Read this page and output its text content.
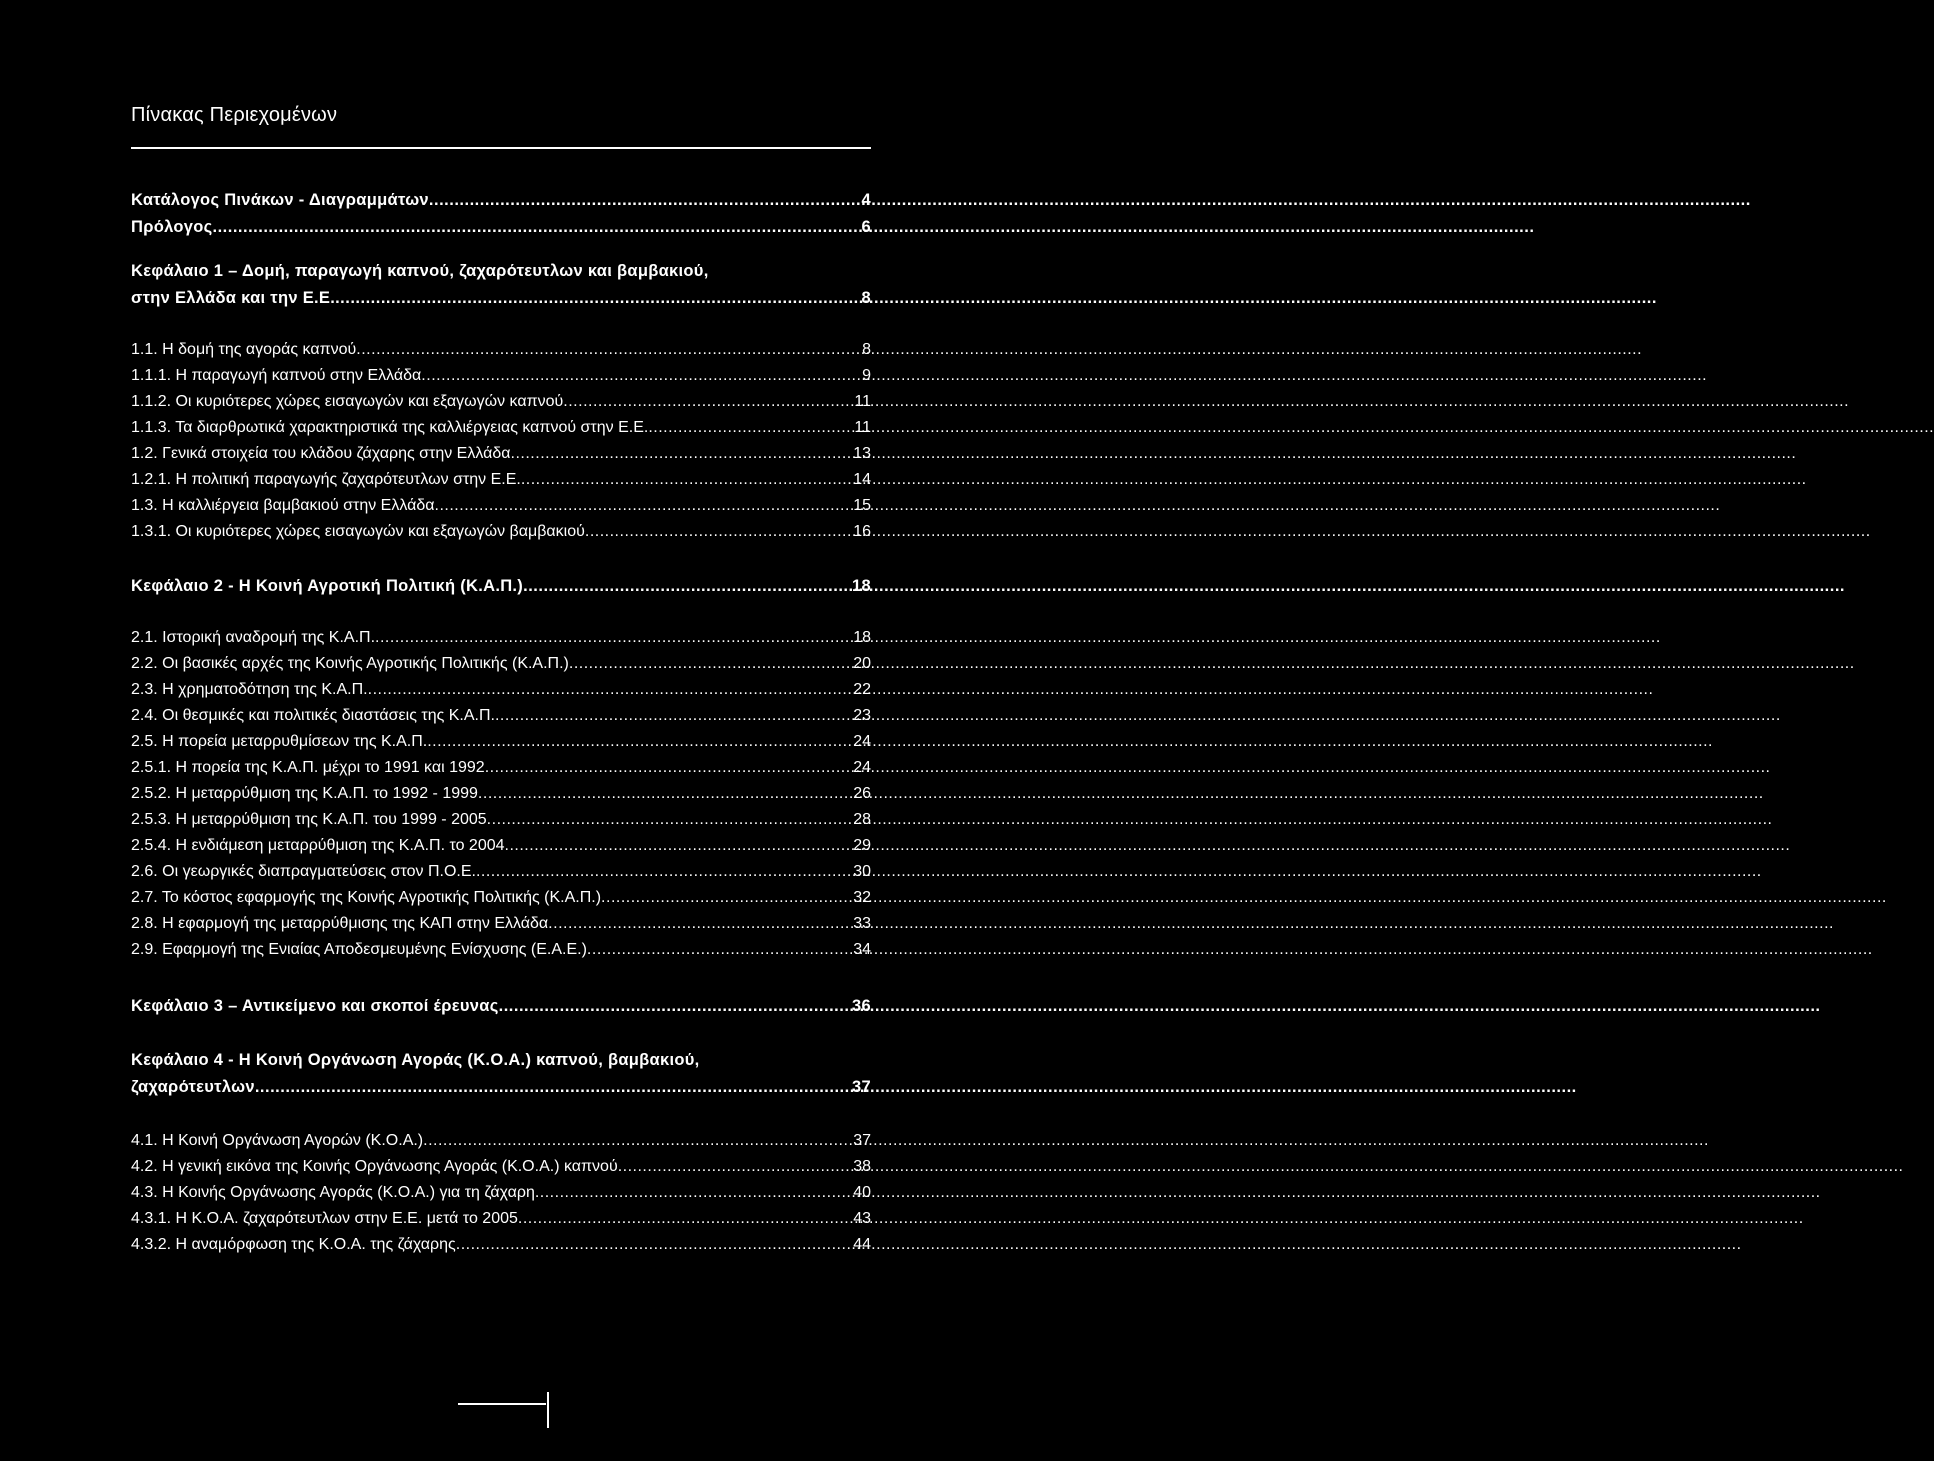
Πίνακας Περιεχομένων
Κατάλογος Πινάκων - Διαγραμμάτων .....	4
Πρόλογος .....	6
Κεφάλαιο 1 – Δομή, παραγωγή καπνού, ζαχαρότευτλων και βαμβακιού,
στην Ελλάδα και την Ε.Ε. .....	8
1.1. Η δομή της αγοράς καπνού .....	8
1.1.1. Η παραγωγή καπνού στην Ελλάδα .....	9
1.1.2. Οι κυριότερες χώρες εισαγωγών και εξαγωγών καπνού .....	11
1.1.3. Τα διαρθρωτικά χαρακτηριστικά της καλλιέργειας καπνού στην Ε.Ε. .....	11
1.2. Γενικά στοιχεία του κλάδου ζάχαρης στην Ελλάδα .....	13
1.2.1. Η πολιτική παραγωγής ζαχαρότευτλων στην Ε.Ε. .....	14
1.3. Η καλλιέργεια βαμβακιού στην Ελλάδα .....	15
1.3.1. Οι κυριότερες χώρες εισαγωγών και εξαγωγών βαμβακιού .....	16
Κεφάλαιο 2 - Η Κοινή Αγροτική Πολιτική (Κ.Α.Π.) .....	18
2.1. Ιστορική αναδρομή της Κ.Α.Π. .....	18
2.2. Οι βασικές αρχές της Κοινής Αγροτικής Πολιτικής (Κ.Α.Π.) .....	20
2.3. Η χρηματοδότηση της Κ.Α.Π. .....	22
2.4. Οι θεσμικές και πολιτικές διαστάσεις της Κ.Α.Π. .....	23
2.5. Η πορεία μεταρρυθμίσεων της Κ.Α.Π. .....	24
2.5.1. Η πορεία της Κ.Α.Π. μέχρι το 1991 και 1992 .....	24
2.5.2. Η μεταρρύθμιση της Κ.Α.Π. το 1992 - 1999 .....	26
2.5.3. Η μεταρρύθμιση της Κ.Α.Π. του 1999 - 2005 .....	28
2.5.4. Η ενδιάμεση μεταρρύθμιση της Κ.Α.Π. το 2004 .....	29
2.6. Οι γεωργικές διαπραγματεύσεις στον Π.Ο.Ε. .....	30
2.7. Το κόστος εφαρμογής της Κοινής Αγροτικής Πολιτικής (Κ.Α.Π.) .....	32
2.8. Η εφαρμογή της μεταρρύθμισης της ΚΑΠ στην Ελλάδα .....	33
2.9. Εφαρμογή της Ενιαίας Αποδεσμευμένης Ενίσχυσης (Ε.Α.Ε.) .....	34
Κεφάλαιο 3 – Αντικείμενο και σκοποί έρευνας .....	36
Κεφάλαιο 4 - Η Κοινή Οργάνωση Αγοράς (Κ.Ο.Α.) καπνού, βαμβακιού,
ζαχαρότευτλων .....	37
4.1. Η Κοινή Οργάνωση Αγορών (Κ.Ο.Α.) .....	37
4.2. Η γενική εικόνα της Κοινής Οργάνωσης Αγοράς (Κ.Ο.Α.) καπνού .....	38
4.3. Η Κοινής Οργάνωσης Αγοράς (Κ.Ο.Α.) για τη ζάχαρη .....	40
4.3.1. Η Κ.Ο.Α. ζαχαρότευτλων στην Ε.Ε. μετά το 2005 .....	43
4.3.2. Η αναμόρφωση της Κ.Ο.Α. της ζάχαρης .....	44
